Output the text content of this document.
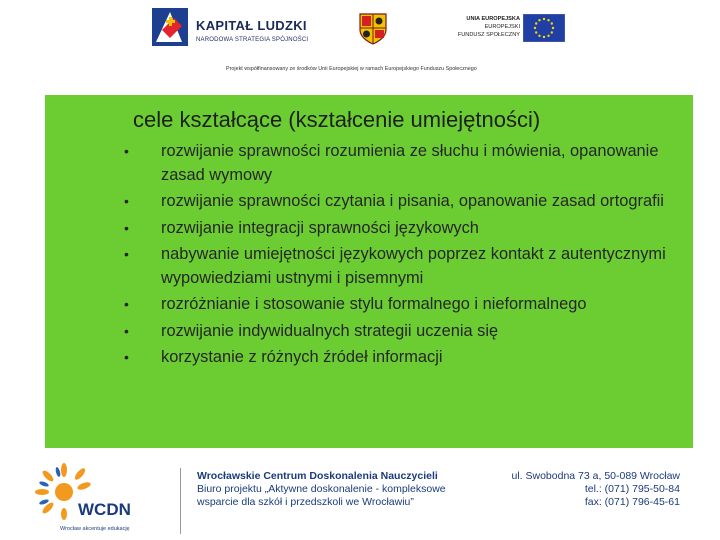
KAPITAŁ LUDZKI
NARODOWA STRATEGIA SPÓJNOŚCI
UNIA EUROPEJSKA
EUROPEJSKI
FUNDUSZ SPOŁECZNY
Projekt współfinansowany ze środków Unii Europejskiej w ramach Europejskiego Funduszu Społecznego
cele kształcące (kształcenie umiejętności)
• rozwijanie sprawności rozumienia ze słuchu i mówienia, opanowanie zasad wymowy
• rozwijanie sprawności czytania i pisania, opanowanie zasad ortografii
• rozwijanie integracji sprawności językowych
• nabywanie umiejętności językowych poprzez kontakt z autentycznymi wypowiedziami ustnymi i pisemnymi
• rozróżnianie i stosowanie stylu formalnego i nieformalnego
• rozwijanie indywidualnych strategii uczenia się
• korzystanie z różnych źródeł informacji
WCDN
Wrocław akcentuje edukację
Wrocławskie Centrum Doskonalenia Nauczycieli
Biuro projektu „Aktywne doskonalenie - kompleksowe
wsparcie dla szkół i przedszkoli we Wrocławiu”
ul. Swobodna 73 a, 50-089 Wrocław
tel.: (071) 795-50-84
fax: (071) 796-45-61
